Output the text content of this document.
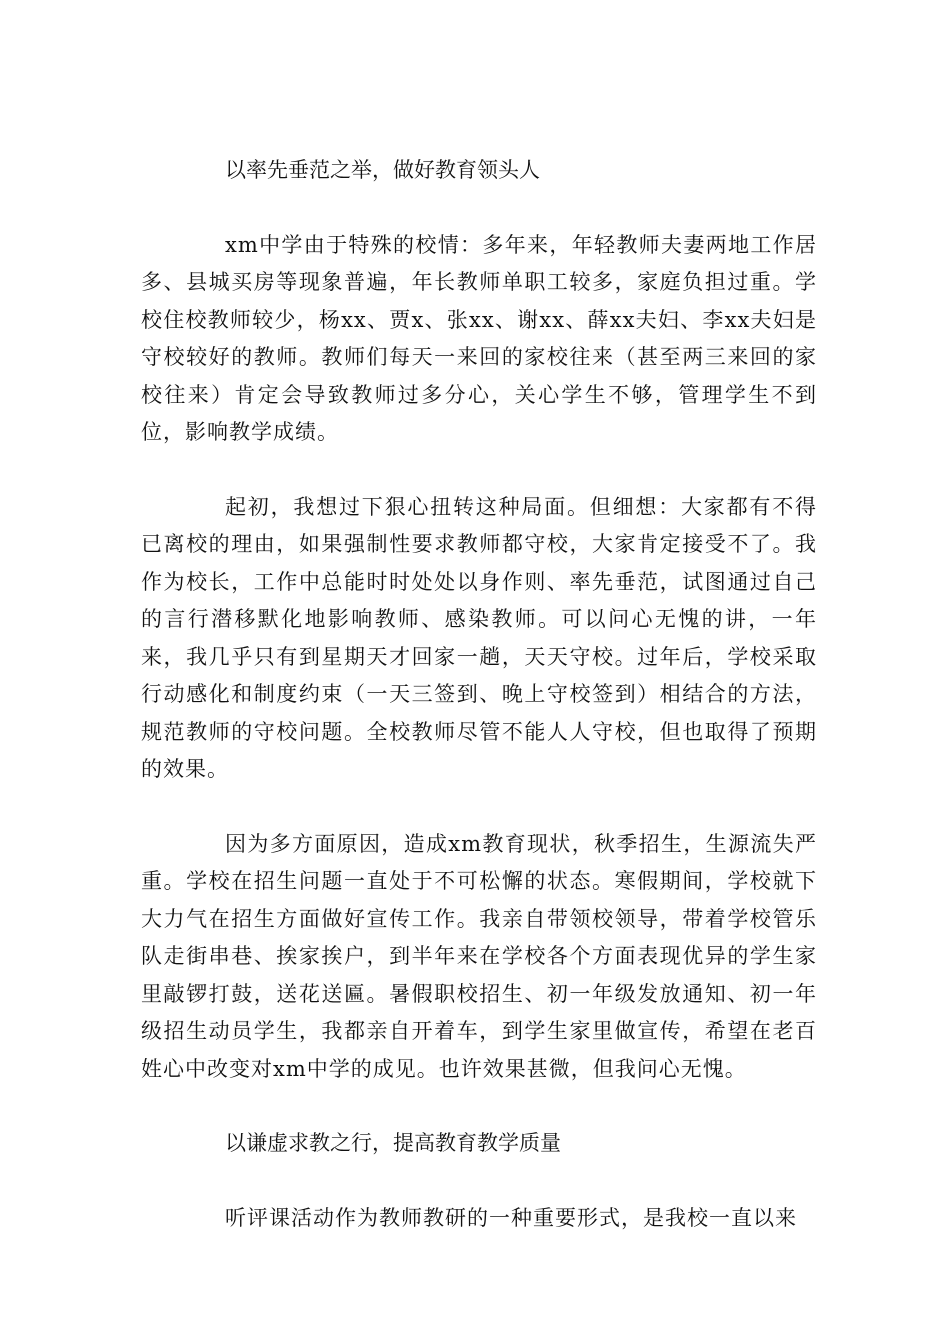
以率先垂范之举，做好教育领头人

xm中学由于特殊的校情：多年来，年轻教师夫妻两地工作居多、县城买房等现象普遍，年长教师单职工较多，家庭负担过重。学校住校教师较少，杨xx、贾x、张xx、谢xx、薛xx夫妇、李xx夫妇是守校较好的教师。教师们每天一来回的家校往来（甚至两三来回的家校往来）肯定会导致教师过多分心，关心学生不够，管理学生不到位，影响教学成绩。

起初，我想过下狠心扭转这种局面。但细想：大家都有不得已离校的理由，如果强制性要求教师都守校，大家肯定接受不了。我作为校长，工作中总能时时处处以身作则、率先垂范，试图通过自己的言行潜移默化地影响教师、感染教师。可以问心无愧的讲，一年来，我几乎只有到星期天才回家一趟，天天守校。过年后，学校采取行动感化和制度约束（一天三签到、晚上守校签到）相结合的方法，规范教师的守校问题。全校教师尽管不能人人守校，但也取得了预期的效果。

因为多方面原因，造成xm教育现状，秋季招生，生源流失严重。学校在招生问题一直处于不可松懈的状态。寒假期间，学校就下大力气在招生方面做好宣传工作。我亲自带领校领导，带着学校管乐队走街串巷、挨家挨户，到半年来在学校各个方面表现优异的学生家里敲锣打鼓，送花送匾。暑假职校招生、初一年级发放通知、初一年级招生动员学生，我都亲自开着车，到学生家里做宣传，希望在老百姓心中改变对xm中学的成见。也许效果甚微，但我问心无愧。

以谦虚求教之行，提高教育教学质量

听评课活动作为教师教研的一种重要形式，是我校一直以来
